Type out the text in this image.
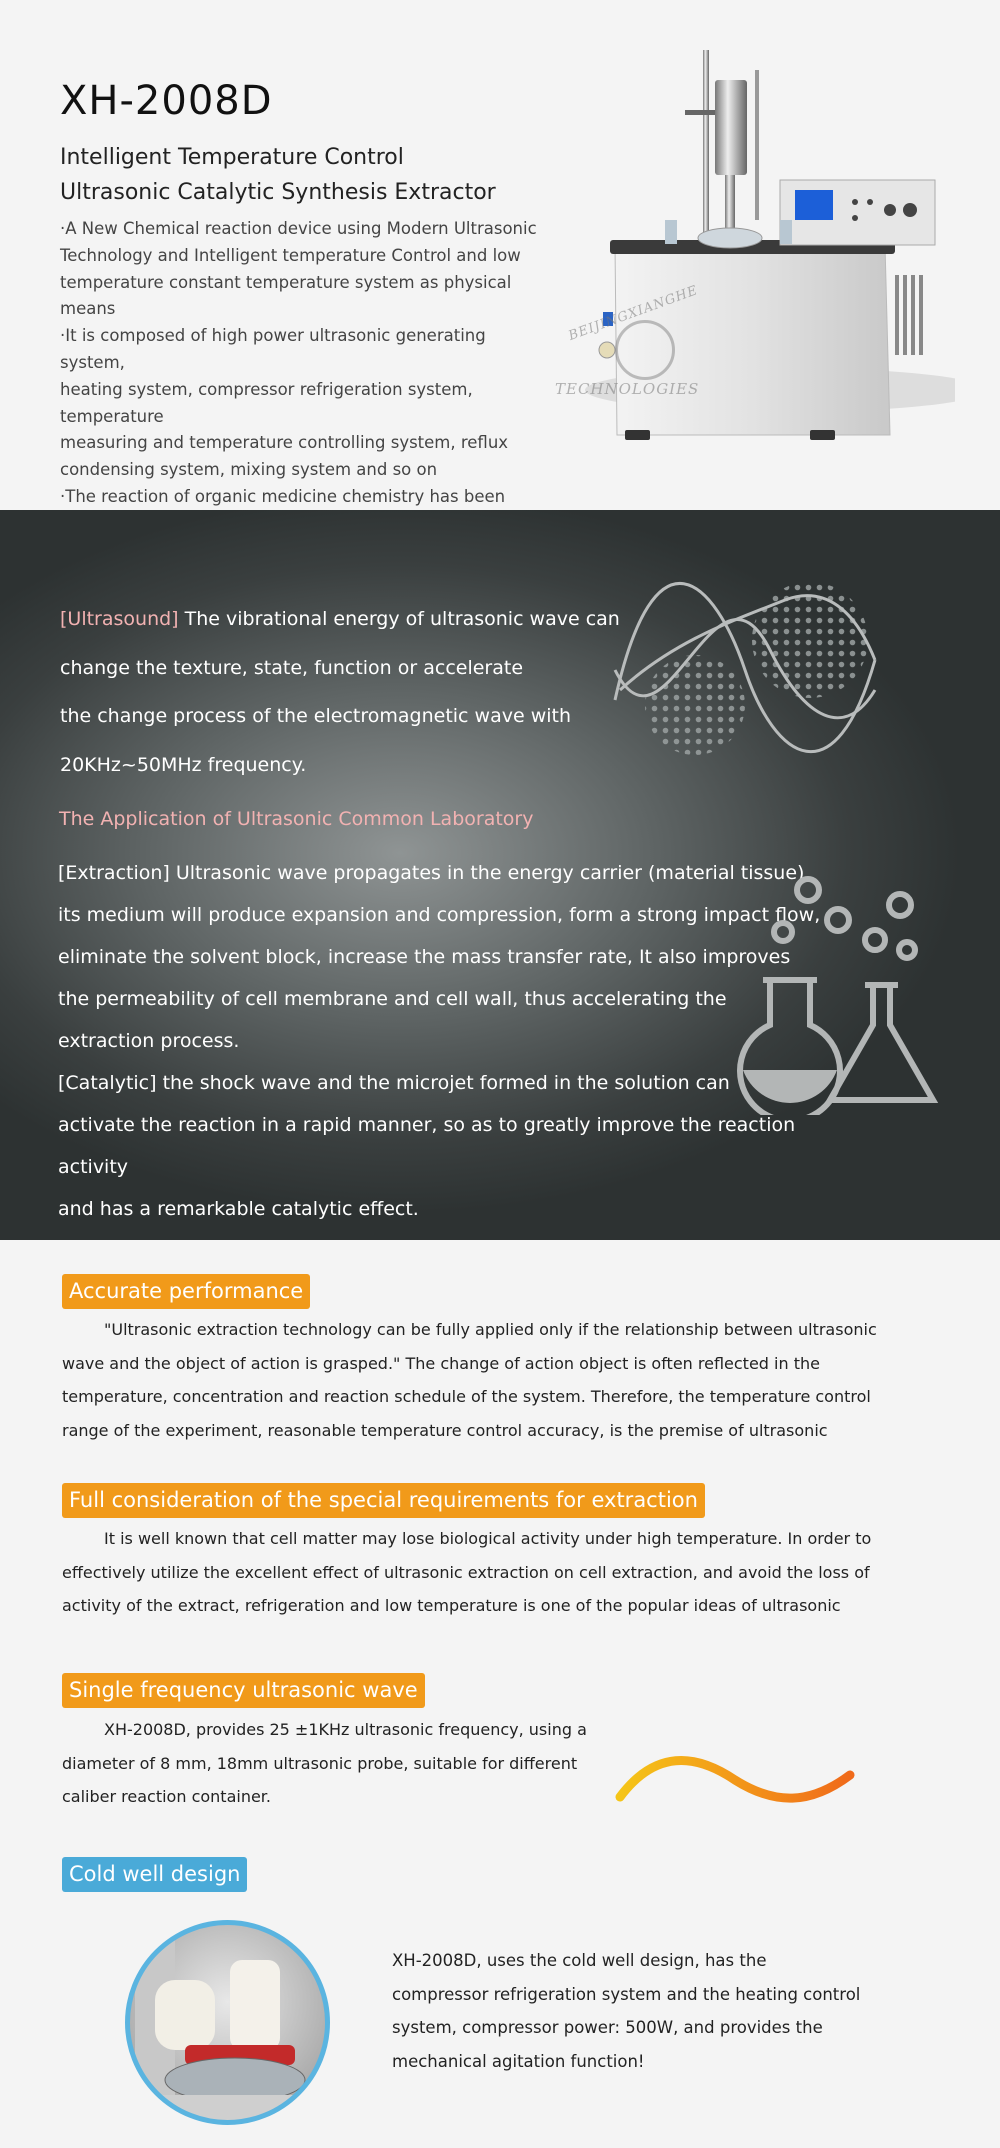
XH-2008D
Intelligent Temperature Control
Ultrasonic Catalytic Synthesis Extractor
·A New Chemical reaction device using Modern Ultrasonic
Technology and Intelligent temperature Control and low
temperature constant temperature system as physical means
·It is composed of high power ultrasonic generating system,
heating system, compressor refrigeration system, temperature
measuring and temperature controlling system, reflux
condensing system, mixing system and so on
·The reaction of organic medicine chemistry has been
BEIJINGXIANGHE
TECHNOLOGIES
[Ultrasound] The vibrational energy of ultrasonic wave can
change the texture, state, function or accelerate
the change process of the electromagnetic wave with
20KHz~50MHz frequency.
The Application of Ultrasonic Common Laboratory
[Extraction] Ultrasonic wave propagates in the energy carrier (material tissue),
its medium will produce expansion and compression, form a strong impact flow,
eliminate the solvent block, increase the mass transfer rate, It also improves
the permeability of cell membrane and cell wall, thus accelerating the
extraction process.
[Catalytic] the shock wave and the microjet formed in the solution can
activate the reaction in a rapid manner, so as to greatly improve the reaction activity
and has a remarkable catalytic effect.
Accurate performance
"Ultrasonic extraction technology can be fully applied only if the relationship between ultrasonic
wave and the object of action is grasped." The change of action object is often reflected in the
temperature, concentration and reaction schedule of the system. Therefore, the temperature control
range of the experiment, reasonable temperature control accuracy, is the premise of ultrasonic
Full consideration of the special requirements for extraction
It is well known that cell matter may lose biological activity under high temperature. In order to
effectively utilize the excellent effect of ultrasonic extraction on cell extraction, and avoid the loss of
activity of the extract, refrigeration and low temperature is one of the popular ideas of ultrasonic
Single frequency ultrasonic wave
XH-2008D, provides 25 ±1KHz ultrasonic frequency, using a
diameter of 8 mm, 18mm ultrasonic probe, suitable for different
caliber reaction container.
Cold well design
XH-2008D, uses the cold well design, has the
compressor refrigeration system and the heating control
system, compressor power: 500W, and provides the
mechanical agitation function!
